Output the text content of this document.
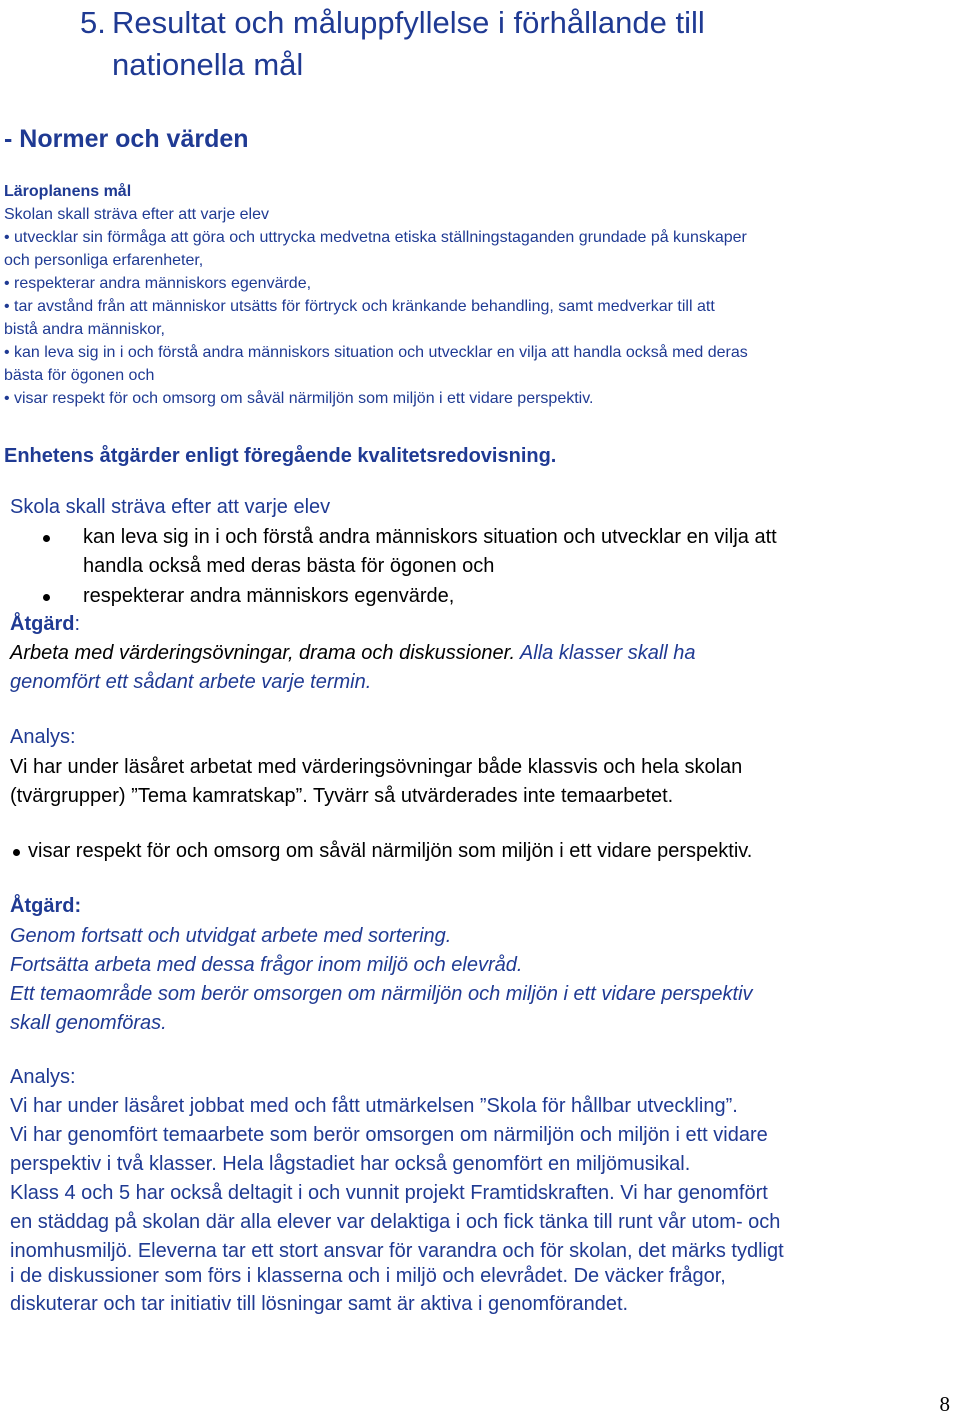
5. Resultat och måluppfyllelse i förhållande till
nationella mål
- Normer och värden
Läroplanens mål
Skolan skall sträva efter att varje elev
• utvecklar sin förmåga att göra och uttrycka medvetna etiska ställningstaganden grundade på kunskaper
och personliga erfarenheter,
• respekterar andra människors egenvärde,
• tar avstånd från att människor utsätts för förtryck och kränkande behandling, samt medverkar till att
bistå andra människor,
• kan leva sig in i och förstå andra människors situation och utvecklar en vilja att handla också med deras
bästa för ögonen och
• visar respekt för och omsorg om såväl närmiljön som miljön i ett vidare perspektiv.
Enhetens åtgärder enligt föregående kvalitetsredovisning.
Skola skall sträva efter att varje elev
kan leva sig in i och förstå andra människors situation och utvecklar en vilja att
handla också med deras bästa för ögonen och
respekterar andra människors egenvärde,
Åtgärd:
Arbeta med värderingsövningar, drama och diskussioner. Alla klasser skall ha
genomfört ett sådant arbete varje termin.
Analys:
Vi har under läsåret arbetat med värderingsövningar både klassvis och hela skolan
(tvärgrupper) ”Tema kamratskap”. Tyvärr så utvärderades inte temaarbetet.
visar respekt för och omsorg om såväl närmiljön som miljön i ett vidare perspektiv.
Åtgärd:
Genom fortsatt och utvidgat arbete med sortering.
Fortsätta arbeta med dessa frågor inom miljö och elevråd.
Ett temaområde som berör omsorgen om närmiljön och miljön i ett vidare perspektiv
skall genomföras.
Analys:
Vi har under läsåret jobbat med och fått utmärkelsen ”Skola för hållbar utveckling”.
Vi har genomfört temaarbete som berör omsorgen om närmiljön och miljön i ett vidare
perspektiv i två klasser. Hela lågstadiet har också genomfört en miljömusikal.
Klass 4 och 5 har också deltagit i och vunnit projekt Framtidskraften. Vi har genomfört
en städdag på skolan där alla elever var delaktiga i och fick tänka till runt vår utom- och
inomhusmiljö. Eleverna tar ett stort ansvar för varandra och för skolan, det märks tydligt
i de diskussioner som förs i klasserna och i miljö och elevrådet. De väcker frågor,
diskuterar och tar initiativ till lösningar samt är aktiva i genomförandet.
8
